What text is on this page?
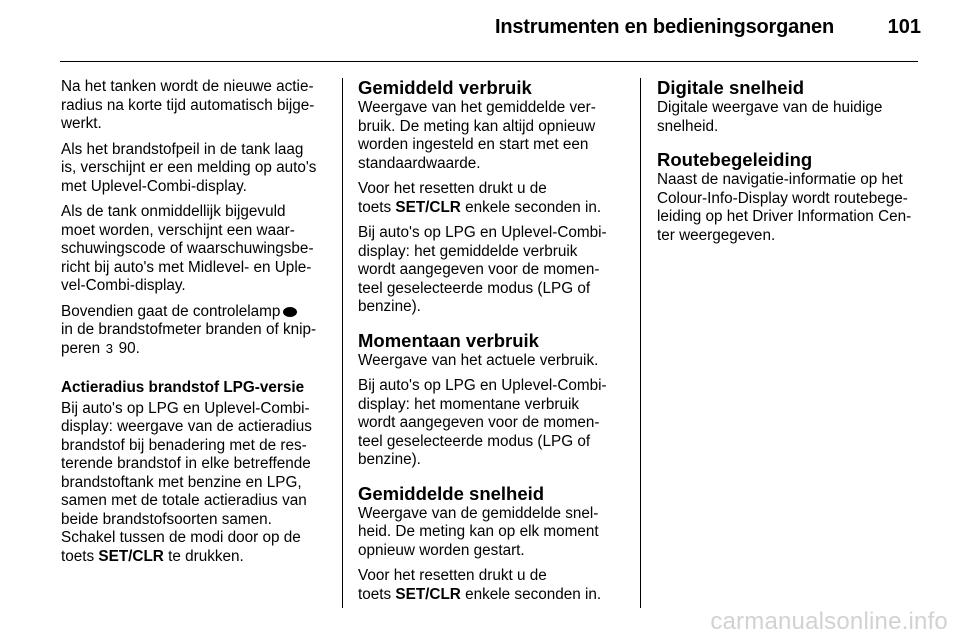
Instrumenten en bedieningsorganen	101

Na het tanken wordt de nieuwe actie-
radius na korte tijd automatisch bijge-
werkt.

Als het brandstofpeil in de tank laag
is, verschijnt er een melding op auto's
met Uplevel-Combi-display.

Als de tank onmiddellijk bijgevuld
moet worden, verschijnt een waar-
schuwingscode of waarschuwingsbe-
richt bij auto's met Midlevel- en Uple-
vel-Combi-display.

Bovendien gaat de controlelamp
in de brandstofmeter branden of knip-
peren 3 90.

Actieradius brandstof LPG-versie

Bij auto's op LPG en Uplevel-Combi-
display: weergave van de actieradius
brandstof bij benadering met de res-
terende brandstof in elke betreffende
brandstoftank met benzine en LPG,
samen met de totale actieradius van
beide brandstofsoorten samen.
Schakel tussen de modi door op de
toets SET/CLR te drukken.

Gemiddeld verbruik

Weergave van het gemiddelde ver-
bruik. De meting kan altijd opnieuw
worden ingesteld en start met een
standaardwaarde.

Voor het resetten drukt u de
toets SET/CLR enkele seconden in.

Bij auto's op LPG en Uplevel-Combi-
display: het gemiddelde verbruik
wordt aangegeven voor de momen-
teel geselecteerde modus (LPG of
benzine).

Momentaan verbruik

Weergave van het actuele verbruik.

Bij auto's op LPG en Uplevel-Combi-
display: het momentane verbruik
wordt aangegeven voor de momen-
teel geselecteerde modus (LPG of
benzine).

Gemiddelde snelheid

Weergave van de gemiddelde snel-
heid. De meting kan op elk moment
opnieuw worden gestart.

Voor het resetten drukt u de
toets SET/CLR enkele seconden in.

Digitale snelheid

Digitale weergave van de huidige
snelheid.

Routebegeleiding

Naast de navigatie-informatie op het
Colour-Info-Display wordt routebege-
leiding op het Driver Information Cen-
ter weergegeven.

carmanualsonline.info
